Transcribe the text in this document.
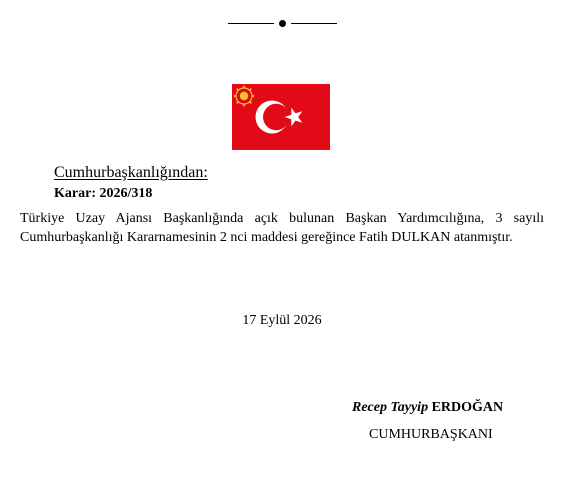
Cumhurbaşkanlığından:
Karar: 2026/318
Türkiye Uzay Ajansı Başkanlığında açık bulunan Başkan Yardımcılığına, 3 sayılı Cumhurbaşkanlığı Kararnamesinin 2 nci maddesi gereğince Fatih DULKAN atanmıştır.
17 Eylül 2026
Recep Tayyip ERDOĞAN
CUMHURBAŞKANI
